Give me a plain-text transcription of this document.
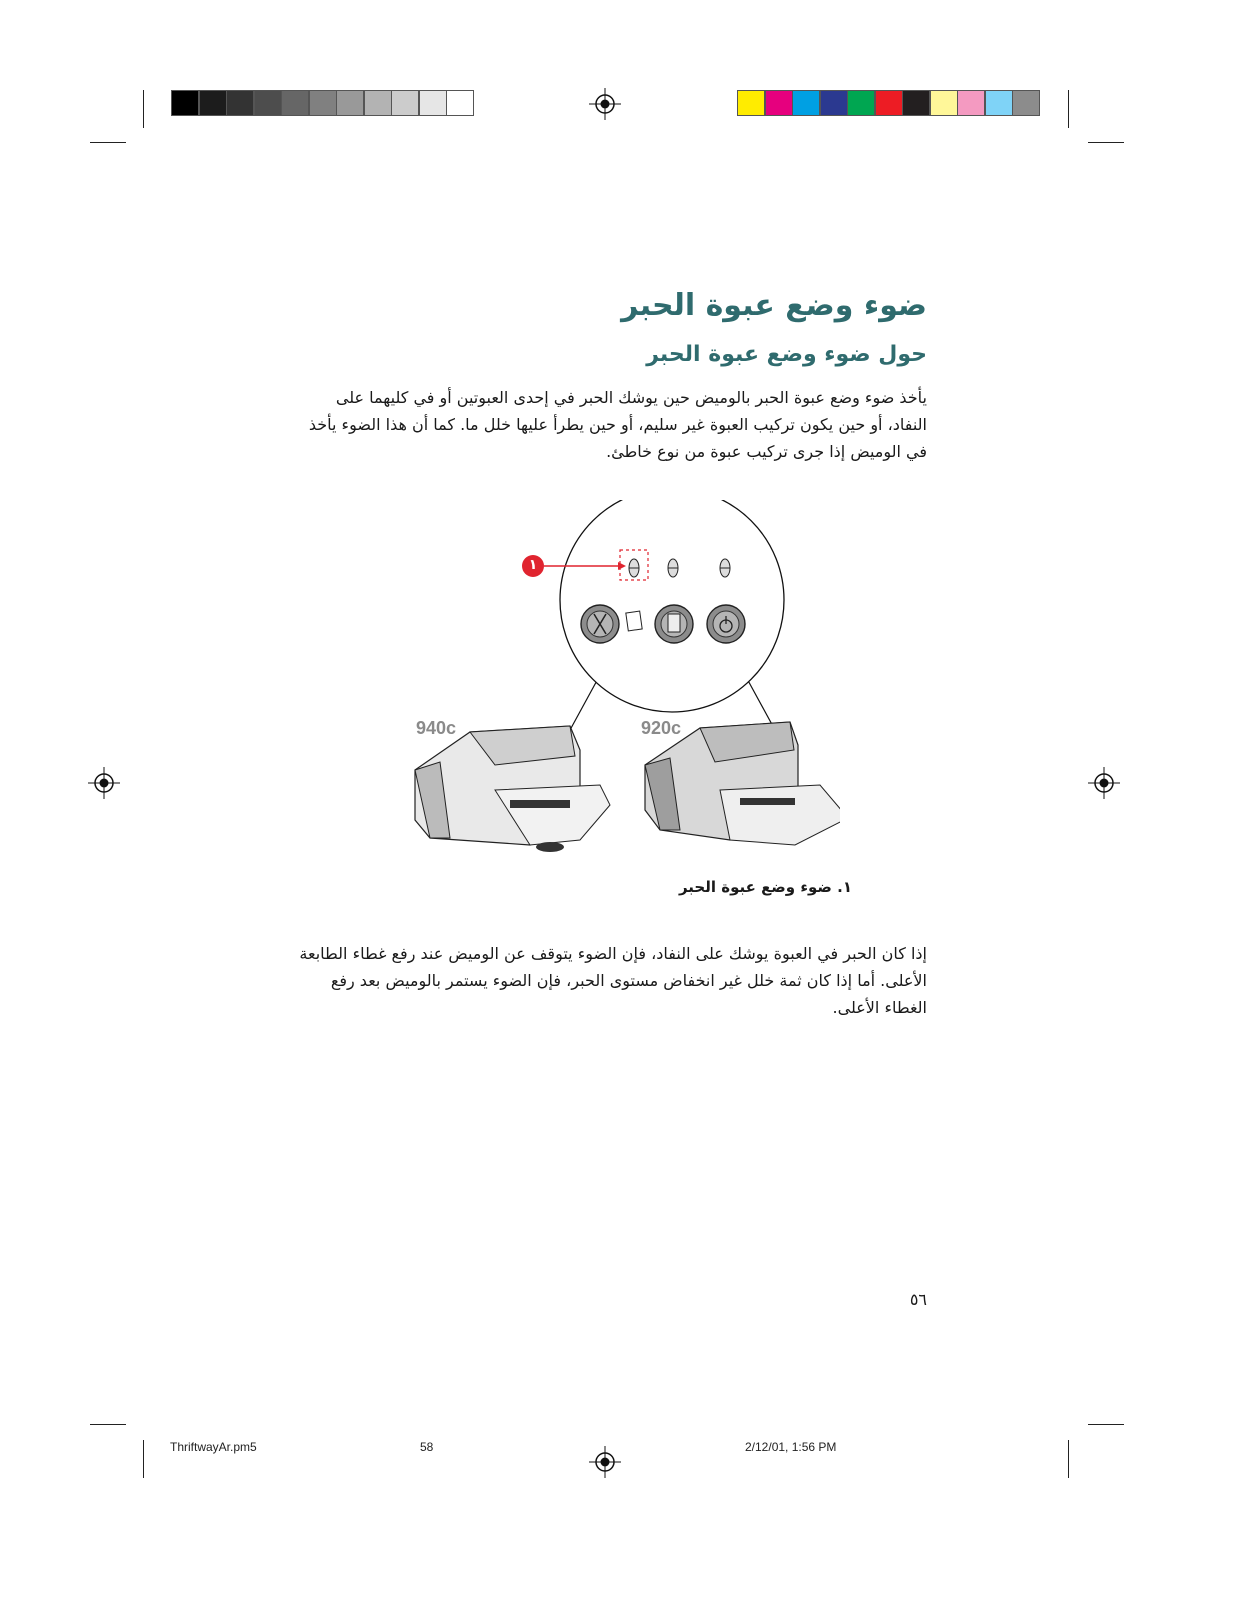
ضوء وضع عبوة الحبر
حول ضوء وضع عبوة الحبر
يأخذ ضوء وضع عبوة الحبر بالوميض حين يوشك الحبر في إحدى العبوتين أو في كليهما على النفاد، أو حين يكون تركيب العبوة غير سليم، أو حين يطرأ عليها خلل ما. كما أن هذا الضوء يأخذ في الوميض إذا جرى تركيب عبوة من نوع خاطئ.
١
940c	920c
١. ضوء وضع عبوة الحبر
إذا كان الحبر في العبوة يوشك على النفاد، فإن الضوء يتوقف عن الوميض عند رفع غطاء الطابعة الأعلى. أما إذا كان ثمة خلل غير انخفاض مستوى الحبر، فإن الضوء يستمر بالوميض بعد رفع الغطاء الأعلى.
٥٦
ThriftwayAr.pm5	58	2/12/01, 1:56 PM
